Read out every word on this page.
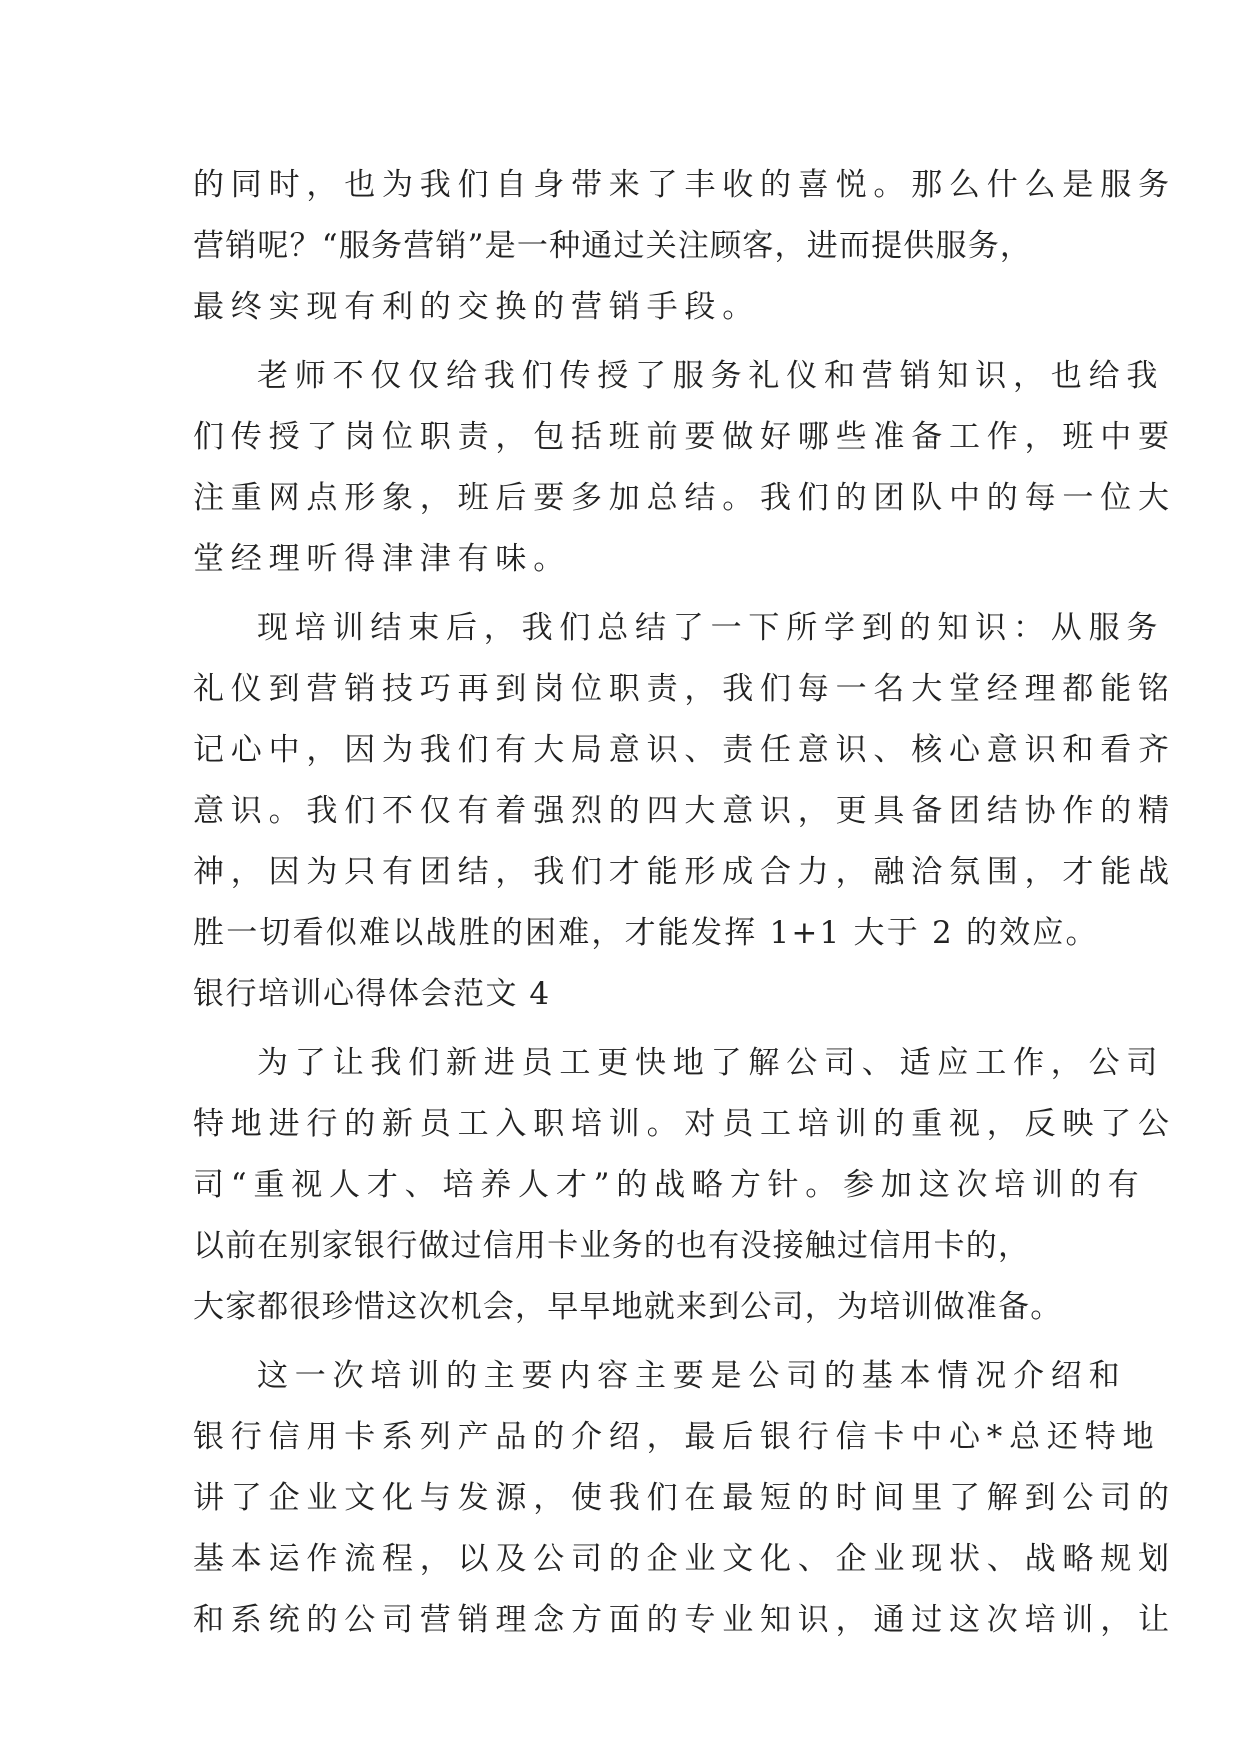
的同时，也为我们自身带来了丰收的喜悦。那么什么是服务
营销呢？“服务营销”是一种通过关注顾客，进而提供服务，
最终实现有利的交换的营销手段。
老师不仅仅给我们传授了服务礼仪和营销知识，也给我
们传授了岗位职责，包括班前要做好哪些准备工作，班中要
注重网点形象，班后要多加总结。我们的团队中的每一位大
堂经理听得津津有味。
现培训结束后，我们总结了一下所学到的知识：从服务
礼仪到营销技巧再到岗位职责，我们每一名大堂经理都能铭
记心中，因为我们有大局意识、责任意识、核心意识和看齐
意识。我们不仅有着强烈的四大意识，更具备团结协作的精
神，因为只有团结，我们才能形成合力，融洽氛围，才能战
胜一切看似难以战胜的困难，才能发挥 1+1 大于 2 的效应。
银行培训心得体会范文 4
为了让我们新进员工更快地了解公司、适应工作，公司
特地进行的新员工入职培训。对员工培训的重视，反映了公
司“重视人才、培养人才”的战略方针。参加这次培训的有
以前在别家银行做过信用卡业务的也有没接触过信用卡的，
大家都很珍惜这次机会，早早地就来到公司，为培训做准备。
这一次培训的主要内容主要是公司的基本情况介绍和
银行信用卡系列产品的介绍，最后银行信卡中心*总还特地
讲了企业文化与发源，使我们在最短的时间里了解到公司的
基本运作流程，以及公司的企业文化、企业现状、战略规划
和系统的公司营销理念方面的专业知识，通过这次培训，让
